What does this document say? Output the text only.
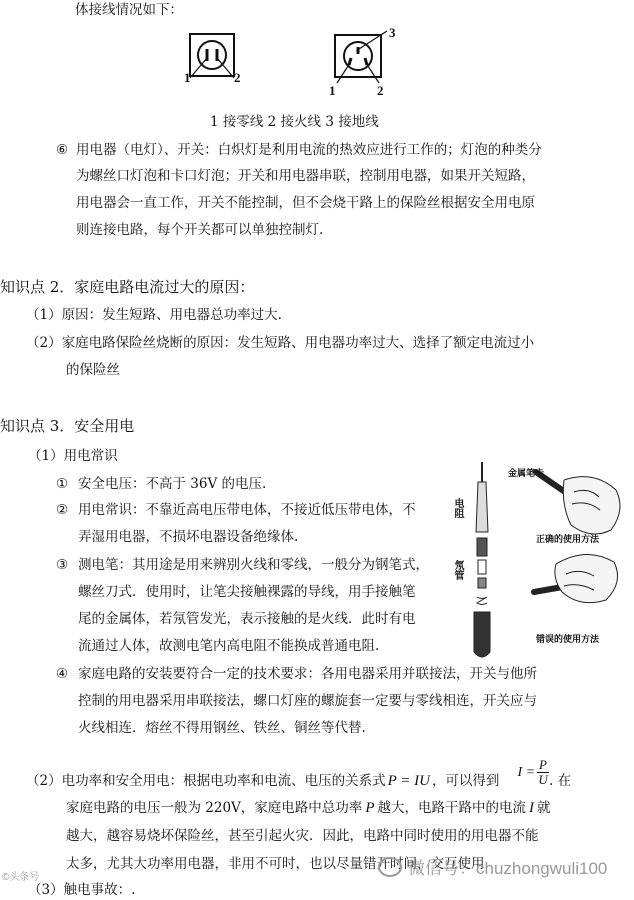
体接线情况如下：
1	2
3
1	2
1 接零线 2 接火线 3 接地线
⑥ 用电器（电灯）、开关：白炽灯是利用电流的热效应进行工作的；灯泡的种类分
为螺丝口灯泡和卡口灯泡；开关和用电器串联，控制用电器，如果开关短路，
用电器会一直工作，开关不能控制，但不会烧干路上的保险丝根据安全用电原
则连接电路，每个开关都可以单独控制灯.
知识点 2．家庭电路电流过大的原因：
（1）原因：发生短路、用电器总功率过大.
（2）家庭电路保险丝烧断的原因：发生短路、用电器功率过大、选择了额定电流过小
的保险丝
知识点 3．安全用电
（1）用电常识
① 安全电压：不高于 36V 的电压.
② 用电常识：不靠近高电压带电体，不接近低压带电体，不
弄湿用电器，不损坏电器设备绝缘体.
③ 测电笔：其用途是用来辨别火线和零线，一般分为钢笔式，
螺丝刀式．使用时，让笔尖接触裸露的导线，用手接触笔
尾的金属体，若氖管发光，表示接触的是火线．此时有电
流通过人体，故测电笔内高电阻不能换成普通电阻.
④ 家庭电路的安装要符合一定的技术要求：各用电器采用并联接法，开关与他所
控制的用电器采用串联接法，螺口灯座的螺旋套一定要与零线相连，开关应与
火线相连．熔丝不得用钢丝、铁丝、铜丝等代替.
（2）电功率和安全用电：根据电功率和电流、电压的关系式 P = IU ，可以得到
$I = \frac{P}{U}$ . 在
家庭电路的电压一般为 220V，家庭电路中总功率 P 越大，电路干路中的电流 I 就
越大，越容易烧坏保险丝，甚至引起火灾．因此，电路中同时使用的用电器不能
太多，尤其大功率用电器，非用不可时，也以尽量错开时间，交互使用.
（3）触电事故：.
金属笔卡
电阻
氖管
正确的使用方法
错误的使用方法
©头条号	微信号：chuzhongwuli100
